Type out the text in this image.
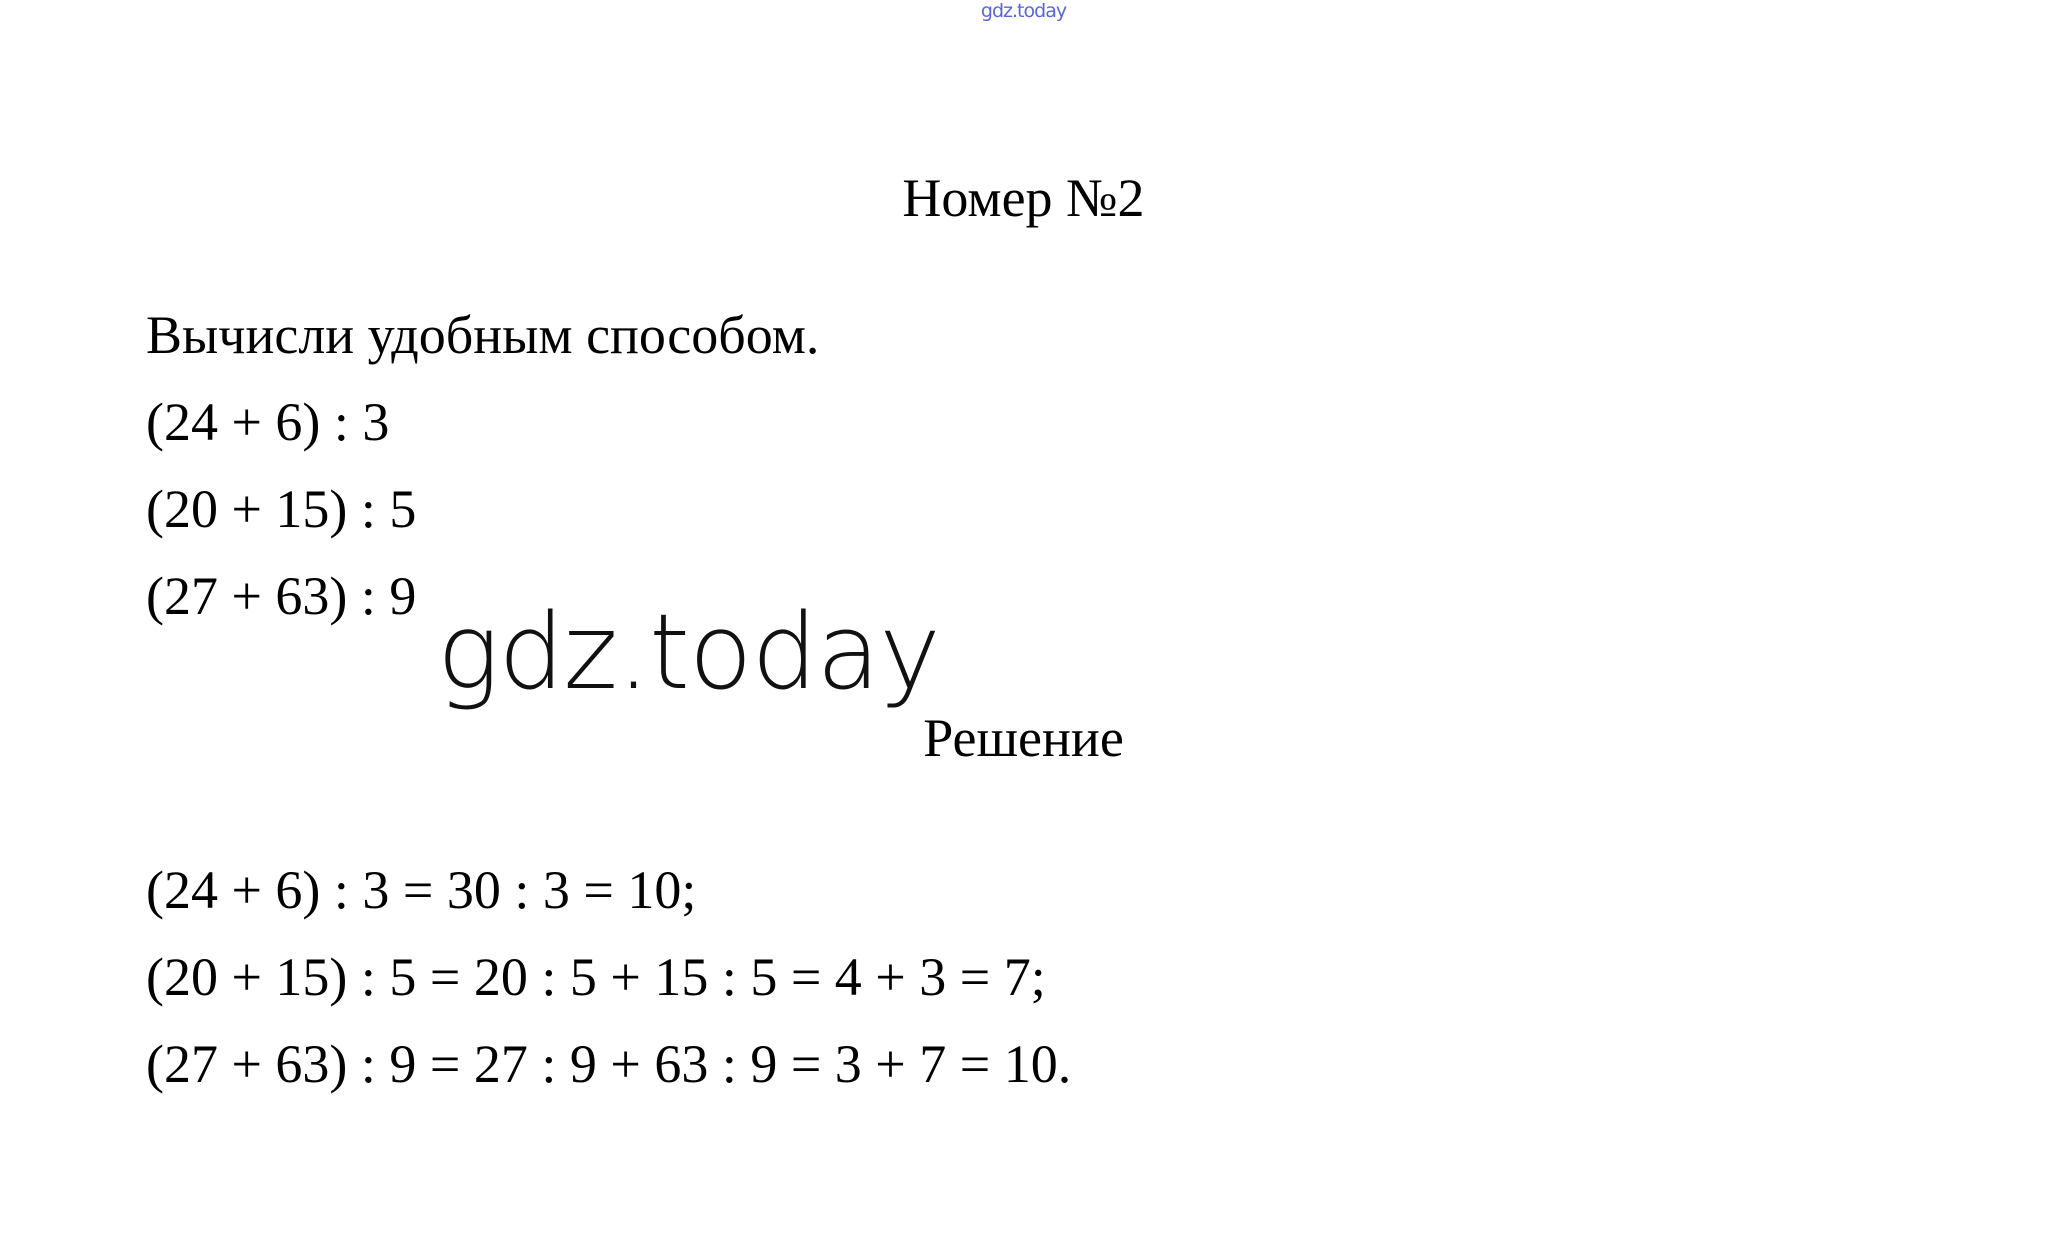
gdz.today
Номер №2
Вычисли удобным способом.
(24 + 6) : 3
(20 + 15) : 5
(27 + 63) : 9 gdz.today
Решение
(24 + 6) : 3 = 30 : 3 = 10;
(20 + 15) : 5 = 20 : 5 + 15 : 5 = 4 + 3 = 7;
(27 + 63) : 9 = 27 : 9 + 63 : 9 = 3 + 7 = 10.
